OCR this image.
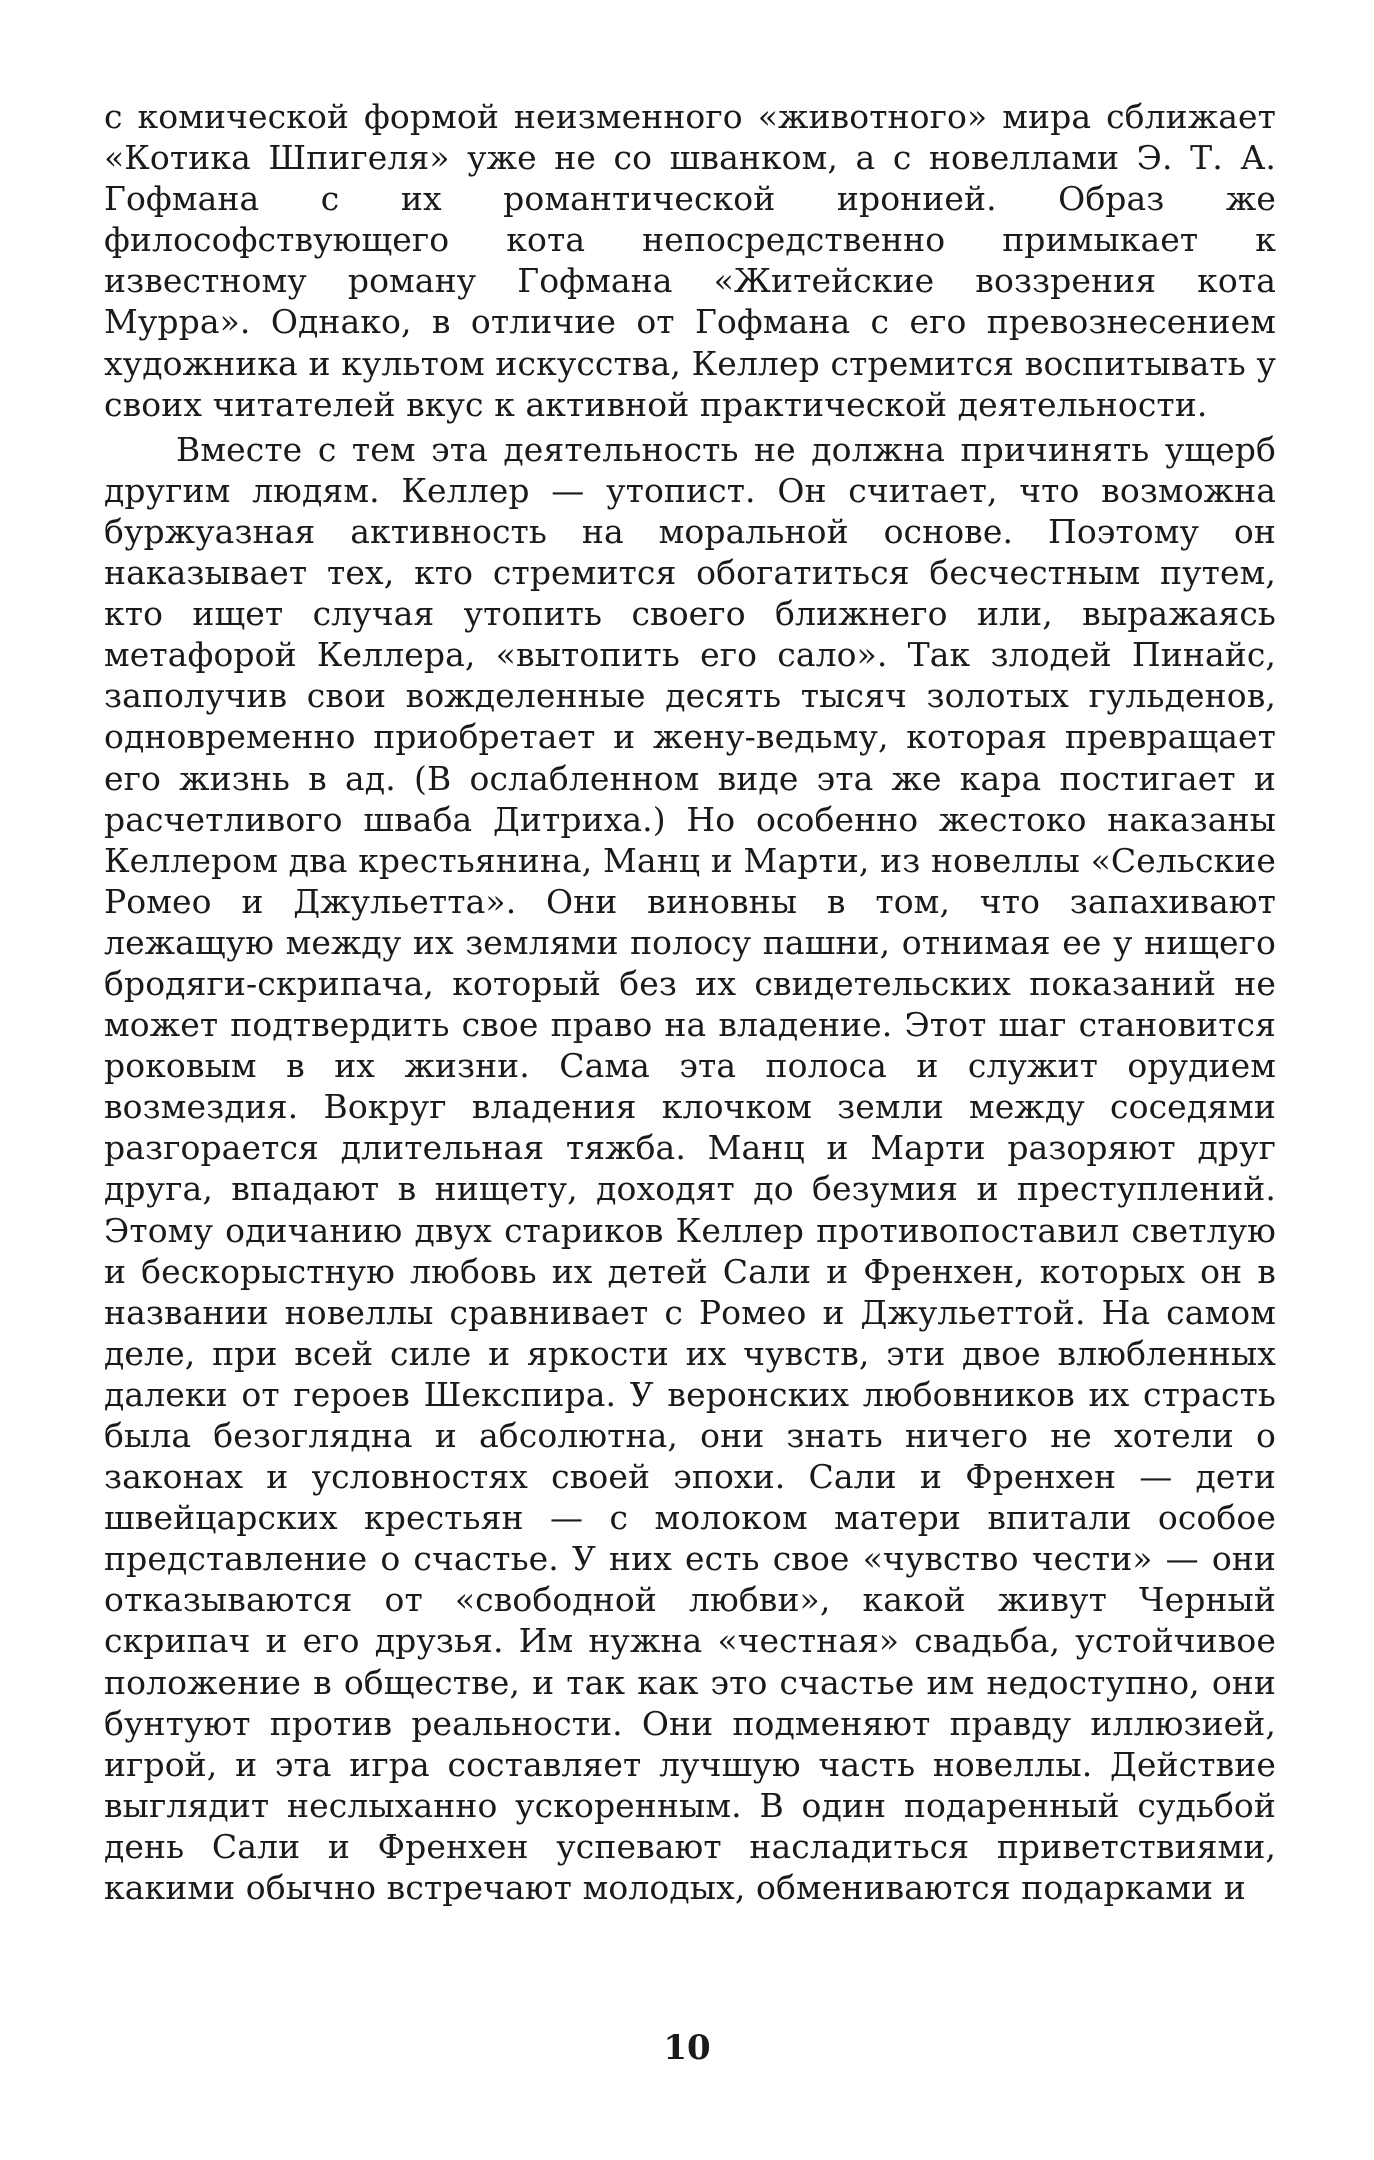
с комической формой неизменного «животного» мира сближает «Котика Шпигеля» уже не со шванком, а с новеллами Э. Т. А. Гофмана с их романтической иронией. Образ же философствующего кота непосредственно примыкает к известному роману Гофмана «Житейские воззрения кота Мурра». Однако, в отличие от Гофмана с его превознесением художника и культом искусства, Келлер стремится воспитывать у своих читателей вкус к активной практической деятельности.

Вместе с тем эта деятельность не должна причинять ущерб другим людям. Келлер — утопист. Он считает, что возможна буржуазная активность на моральной основе. Поэтому он наказывает тех, кто стремится обогатиться бесчестным путем, кто ищет случая утопить своего ближнего или, выражаясь метафорой Келлера, «вытопить его сало». Так злодей Пинайс, заполучив свои вожделенные десять тысяч золотых гульденов, одновременно приобретает и жену-ведьму, которая превращает его жизнь в ад. (В ослабленном виде эта же кара постигает и расчетливого шваба Дитриха.) Но особенно жестоко наказаны Келлером два крестьянина, Манц и Марти, из новеллы «Сельские Ромео и Джульетта». Они виновны в том, что запахивают лежащую между их землями полосу пашни, отнимая ее у нищего бродяги-скрипача, который без их свидетельских показаний не может подтвердить свое право на владение. Этот шаг становится роковым в их жизни. Сама эта полоса и служит орудием возмездия. Вокруг владения клочком земли между соседями разгорается длительная тяжба. Манц и Марти разоряют друг друга, впадают в нищету, доходят до безумия и преступлений. Этому одичанию двух стариков Келлер противопоставил светлую и бескорыстную любовь их детей Сали и Френхен, которых он в названии новеллы сравнивает с Ромео и Джульеттой. На самом деле, при всей силе и яркости их чувств, эти двое влюбленных далеки от героев Шекспира. У веронских любовников их страсть была безоглядна и абсолютна, они знать ничего не хотели о законах и условностях своей эпохи. Сали и Френхен — дети швейцарских крестьян — с молоком матери впитали особое представление о счастье. У них есть свое «чувство чести» — они отказываются от «свободной любви», какой живут Черный скрипач и его друзья. Им нужна «честная» свадьба, устойчивое положение в обществе, и так как это счастье им недоступно, они бунтуют против реальности. Они подменяют правду иллюзией, игрой, и эта игра составляет лучшую часть новеллы. Действие выглядит неслыханно ускоренным. В один подаренный судьбой день Сали и Френхен успевают насладиться приветствиями, какими обычно встречают молодых, обмениваются подарками и

10
